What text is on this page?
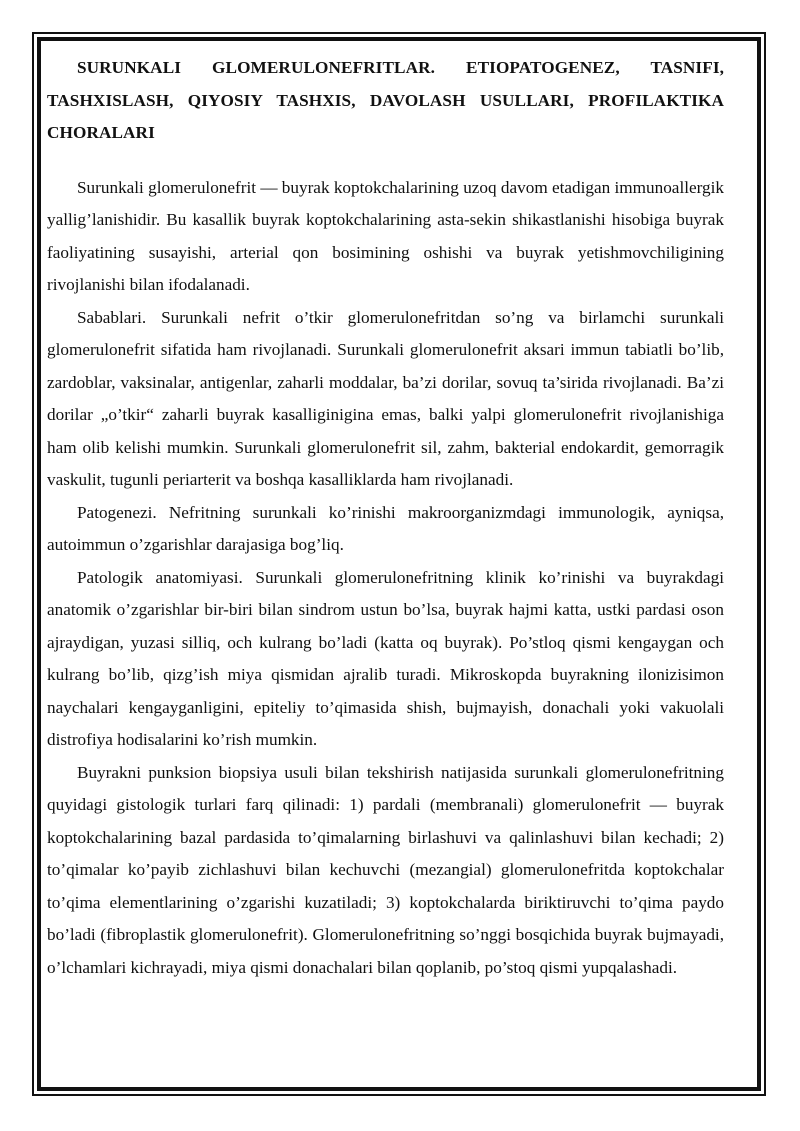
SURUNKALI GLOMERULONEFRITLAR. ETIOPATOGENEZ, TASNIFI, TASHXISLASH, QIYOSIY TASHXIS, DAVOLASH USULLARI, PROFILAKTIKA CHORALARI

Surunkali glomerulonefrit — buyrak koptokchalarining uzoq davom etadigan immunoallergik yallig’lanishidir. Bu kasallik buyrak koptokchalarining asta-sekin shikastlanishi hisobiga buyrak faoliyatining susayishi, arterial qon bosimining oshishi va buyrak yetishmovchiligining rivojlanishi bilan ifodalanadi.

Sabablari. Surunkali nefrit o’tkir glomerulonefritdan so’ng va birlamchi surunkali glomerulonefrit sifatida ham rivojlanadi. Surunkali glomerulonefrit aksari immun tabiatli bo’lib, zardoblar, vaksinalar, antigenlar, zaharli moddalar, ba’zi dorilar, sovuq ta’sirida rivojlanadi. Ba’zi dorilar „o’tkir“ zaharli buyrak kasalliginigina emas, balki yalpi glomerulonefrit rivojlanishiga ham olib kelishi mumkin. Surunkali glomerulonefrit sil, zahm, bakterial endokardit, gemorragik vaskulit, tugunli periarterit va boshqa kasalliklarda ham rivojlanadi.

Patogenezi. Nefritning surunkali ko’rinishi makroorganizmdagi immunologik, ayniqsa, autoimmun o’zgarishlar darajasiga bog’liq.

Patologik anatomiyasi. Surunkali glomerulonefritning klinik ko’rinishi va buyrakdagi anatomik o’zgarishlar bir-biri bilan sindrom ustun bo’lsa, buyrak hajmi katta, ustki pardasi oson ajraydigan, yuzasi silliq, och kulrang bo’ladi (katta oq buyrak). Po’stloq qismi kengaygan och kulrang bo’lib, qizg’ish miya qismidan ajralib turadi. Mikroskopda buyrakning ilonizisimon naychalari kengayganligini, epiteliy to’qimasida shish, bujmayish, donachali yoki vakuolali distrofiya hodisalarini ko’rish mumkin.

Buyrakni punksion biopsiya usuli bilan tekshirish natijasida surunkali glomerulonefritning quyidagi gistologik turlari farq qilinadi: 1) pardali (membranali) glomerulonefrit — buyrak koptokchalarining bazal pardasida to’qimalarning birlashuvi va qalinlashuvi bilan kechadi; 2) to’qimalar ko’payib zichlashuvi bilan kechuvchi (mezangial) glomerulonefritda koptokchalar to’qima elementlarining o’zgarishi kuzatiladi; 3) koptokchalarda biriktiruvchi to’qima paydo bo’ladi (fibroplastik glomerulonefrit). Glomerulonefritning so’nggi bosqichida buyrak bujmayadi, o’lchamlari kichrayadi, miya qismi donachalari bilan qoplanib, po’stoq qismi yupqalashadi.
